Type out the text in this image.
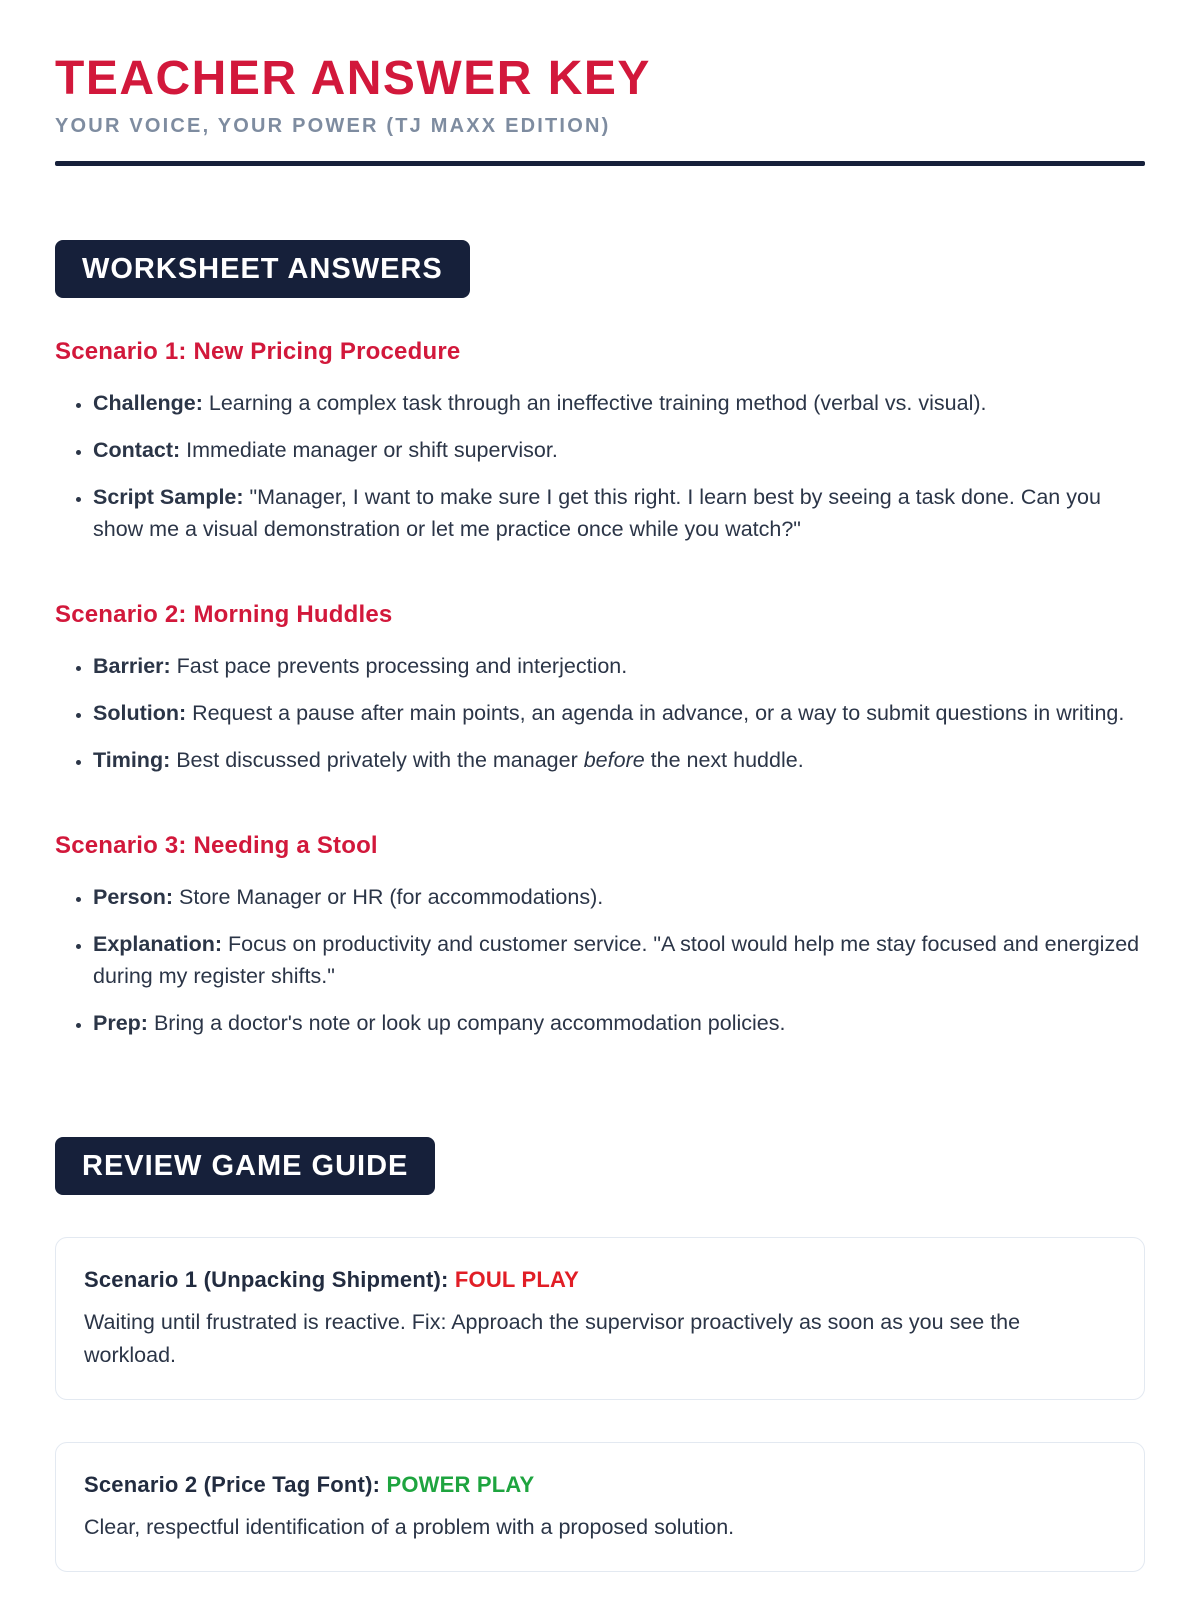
TEACHER ANSWER KEY
YOUR VOICE, YOUR POWER (TJ MAXX EDITION)
WORKSHEET ANSWERS
Scenario 1: New Pricing Procedure
• Challenge: Learning a complex task through an ineffective training method (verbal vs. visual).
• Contact: Immediate manager or shift supervisor.
• Script Sample: "Manager, I want to make sure I get this right. I learn best by seeing a task done. Can you show me a visual demonstration or let me practice once while you watch?"
Scenario 2: Morning Huddles
• Barrier: Fast pace prevents processing and interjection.
• Solution: Request a pause after main points, an agenda in advance, or a way to submit questions in writing.
• Timing: Best discussed privately with the manager before the next huddle.
Scenario 3: Needing a Stool
• Person: Store Manager or HR (for accommodations).
• Explanation: Focus on productivity and customer service. "A stool would help me stay focused and energized during my register shifts."
• Prep: Bring a doctor's note or look up company accommodation policies.
REVIEW GAME GUIDE
Scenario 1 (Unpacking Shipment): FOUL PLAY

Waiting until frustrated is reactive. Fix: Approach the supervisor proactively as soon as you see the workload.

Scenario 2 (Price Tag Font): POWER PLAY

Clear, respectful identification of a problem with a proposed solution.
